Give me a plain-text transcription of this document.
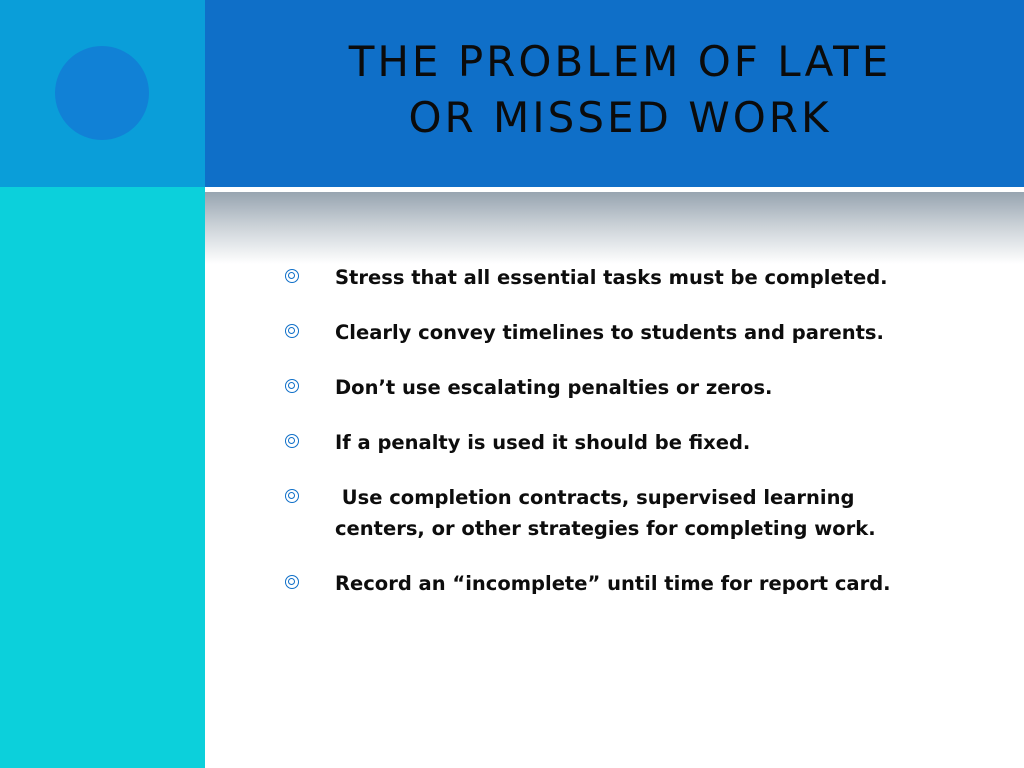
THE PROBLEM OF LATE
OR MISSED WORK
Stress that all essential tasks must be completed.
Clearly convey timelines to students and parents.
Don’t use escalating penalties or zeros.
If a penalty is used it should be fixed.
Use completion contracts, supervised learning
centers, or other strategies for completing work.
Record an “incomplete” until time for report card.
